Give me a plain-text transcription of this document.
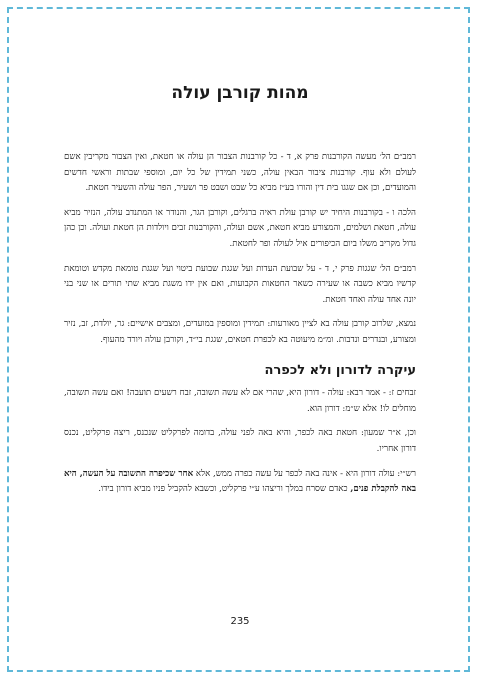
מהות קורבן עולה

רמב״ם הל׳ מעשה הקורבנות פרק א, ד - כל קורבנות הצבור הן עולה או חטאת, ואין הצבור מקריבין אשם לעולם ולא עוף. קורבנות ציבור הבאין עולה, כשני תמידין של כל יום, ומוספי שבתות וראשי חדשים והמועדים, וכן אם שגגו בית דין והורו בע״ז מביא כל שבט ושבט פר ושעיר, הפר עולה והשעיר חטאת.

הלכה ו - בקורבנות היחיד יש קורבן עולת ראיה ברגלים, וקורבן הגר, והנודר או המתנדב עולה, הנזיר מביא עולה, חטאת ושלמים, והמצורע מביא חטאת, אשם ועולה, והקורבנות זבים ויולדות הן חטאת ועולה. וכן כהן גדול מקריב משלו ביום הכיפורים איל לעולה ופר לחטאת.

רמב״ם הל׳ שגגות פרק י, ד - על שבועת העדות ועל שגגת שבועת ביטוי ועל שגגת טומאת מקדש וטומאת קדשיו מביא כשבה או שעירה כשאר החטאות הקבועות, ואם אין ידו משגת מביא שתי תורים או שני בני יונה אחד עולה ואחד חטאת.

נמצא, שלרוב קורבן עולה בא לציין מאורעות: תמידין ומוספין במועדים, ומצבים אישיים: גר, יולדת, זב, נזיר ומצורע, ובנדרים ונדבות. ומ״מ מיעוטה בא לכפרת חטאים, שגגת בי״ד, וקורבן עולה ויורד מהעוף.

עיקרה לדורון ולא לכפרה

זבחים ז: - אמר רבא: עולה - דורון היא, שהרי אם לא עשה תשובה, זבח רשעים תועבה! ואם עשה תשובה, מוחלים לו! אלא ש״מ: דורון הוא.

וכן, א״ר שמעון: חטאת באה לכפר, והיא באה לפני עולה, בדומה לפרקליט שנכנס, ריצה פרקליט, נכנס דורון אחריו.

רש״י: עולה דורון היא - אינה באה לכפר על עשה כפרה ממש, אלא אחר שכיפרה התשובה על העשה, היא באה להקבלת פנים, כאדם שסרח במלך וריצהו ע״י פרקליט, וכשבא להקביל פניו מביא דורון בידו.

235
